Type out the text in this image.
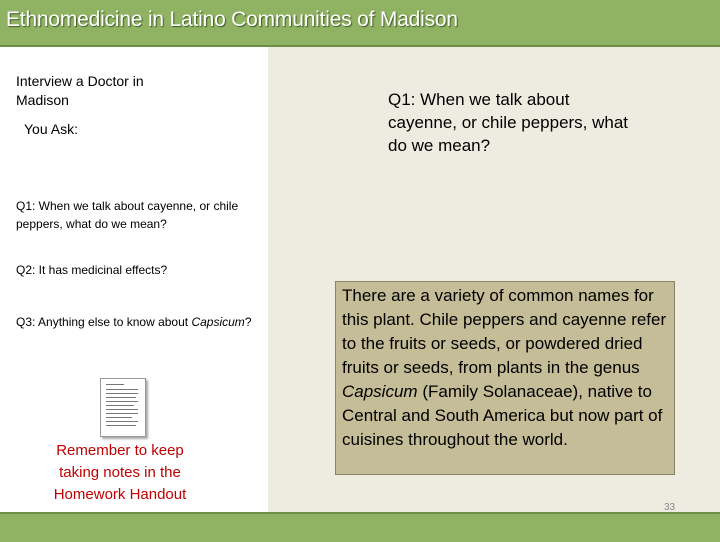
Ethnomedicine in Latino Communities of Madison
Interview a Doctor in Madison
You Ask:
Q1: When we talk about cayenne, or chile peppers, what do we mean?
Q2: It has medicinal effects?
Q3: Anything else to know about Capsicum?
Remember to keep taking notes in the Homework Handout
Q1: When we talk about cayenne, or chile peppers, what do we mean?
There are a variety of common names for this plant. Chile peppers and cayenne refer to the fruits or seeds, or powdered dried fruits or seeds, from plants in the genus Capsicum (Family Solanaceae), native to Central and South America but now part of cuisines throughout the world.
33
